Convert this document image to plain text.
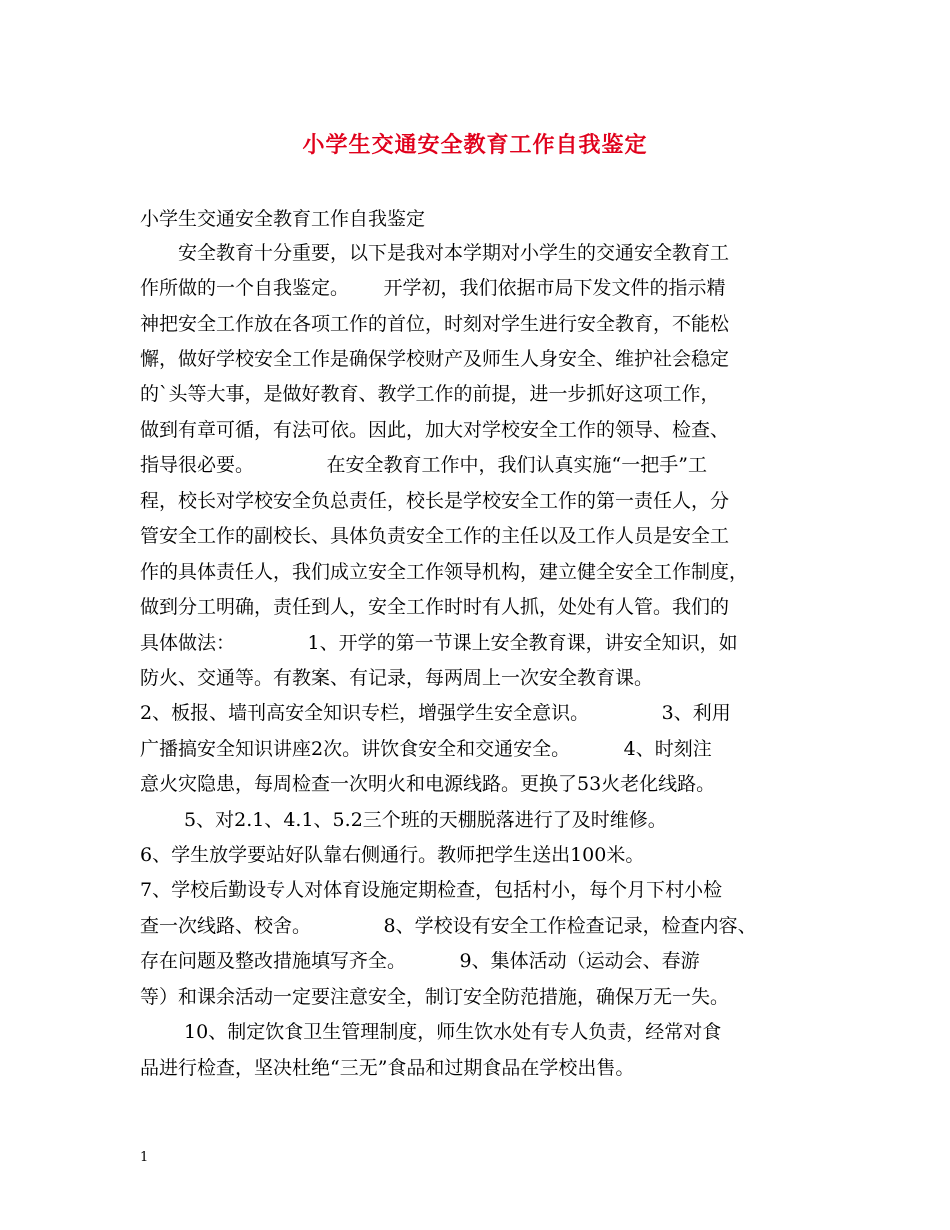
小学生交通安全教育工作自我鉴定
小学生交通安全教育工作自我鉴定
　　安全教育十分重要，以下是我对本学期对小学生的交通安全教育工
作所做的一个自我鉴定。　　 开学初，我们依据市局下发文件的指示精
神把安全工作放在各项工作的首位，时刻对学生进行安全教育，不能松
懈，做好学校安全工作是确保学校财产及师生人身安全、维护社会稳定
的`头等大事，是做好教育、教学工作的前提，进一步抓好这项工作，
做到有章可循，有法可依。因此，加大对学校安全工作的领导、检查、
指导很必要。　　　　 在安全教育工作中，我们认真实施“一把手”工
程，校长对学校安全负总责任，校长是学校安全工作的第一责任人，分
管安全工作的副校长、具体负责安全工作的主任以及工作人员是安全工
作的具体责任人，我们成立安全工作领导机构，建立健全安全工作制度，
做到分工明确，责任到人，安全工作时时有人抓，处处有人管。我们的
具体做法：　　　　 1、开学的第一节课上安全教育课，讲安全知识，如
防火、交通等。有教案、有记录，每两周上一次安全教育课。
2、板报、墙刊高安全知识专栏，增强学生安全意识。　　　　 3、利用
广播搞安全知识讲座2次。讲饮食安全和交通安全。　　　 4、时刻注
意火灾隐患，每周检查一次明火和电源线路。更换了53火老化线路。
　　 5、对2.1、4.1、5.2三个班的天棚脱落进行了及时维修。
6、学生放学要站好队靠右侧通行。教师把学生送出100米。
7、学校后勤设专人对体育设施定期检查，包括村小，每个月下村小检
查一次线路、校舍。　　　　 8、学校设有安全工作检查记录，检查内容、
存在问题及整改措施填写齐全。　　　 9、集体活动（运动会、春游
等）和课余活动一定要注意安全，制订安全防范措施，确保万无一失。
　　 10、制定饮食卫生管理制度，师生饮水处有专人负责，经常对食
品进行检查，坚决杜绝“三无”食品和过期食品在学校出售。
1
